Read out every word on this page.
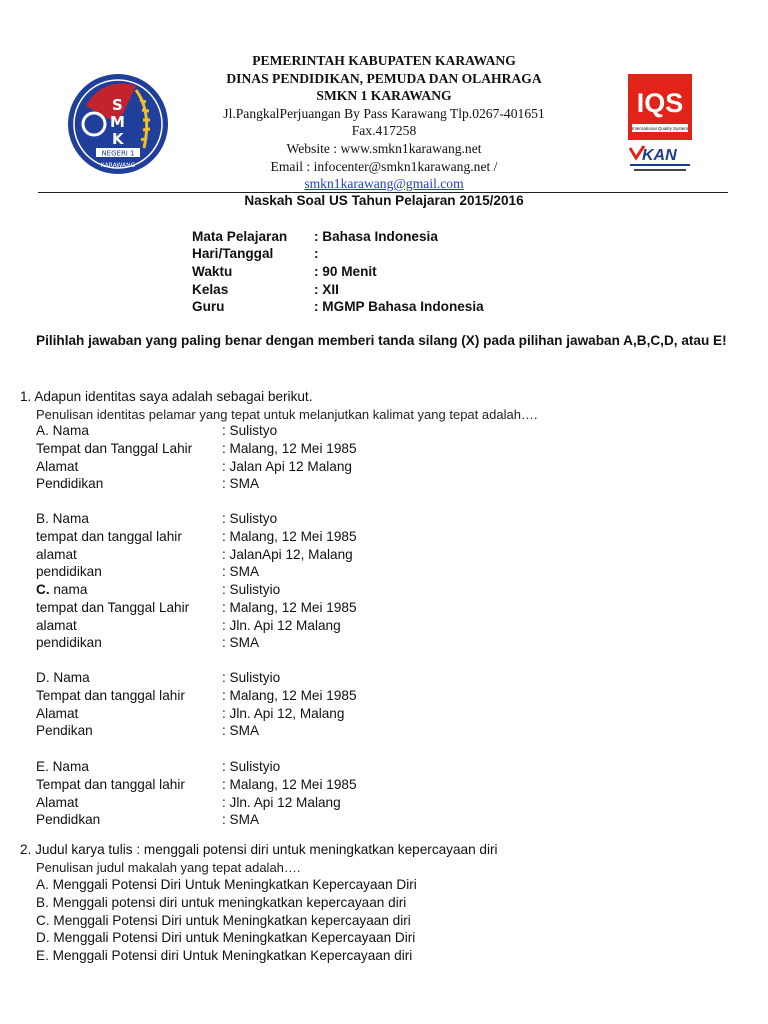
S
M
K
NEGERI 1
KARAWANG
PEMERINTAH KABUPATEN KARAWANG
DINAS PENDIDIKAN, PEMUDA DAN OLAHRAGA
SMKN 1 KARAWANG
Jl.PangkalPerjuangan By Pass Karawang Tlp.0267-401651
Fax.417258
Website : www.smkn1karawang.net
Email : infocenter@smkn1karawang.net /
smkn1karawang@gmail.com
IQS
International Quality System
KAN
Naskah Soal US Tahun Pelajaran 2015/2016
Mata Pelajaran : Bahasa Indonesia
Hari/Tanggal	:
Waktu	: 90 Menit
Kelas	: XII
Guru	: MGMP Bahasa Indonesia
Pilihlah jawaban yang paling benar dengan memberi tanda silang (X) pada pilihan jawaban A,B,C,D, atau E!
1. Adapun identitas saya adalah sebagai berikut.
Penulisan identitas pelamar yang tepat untuk melanjutkan kalimat yang tepat adalah….
A. Nama	: Sulistyo
Tempat dan Tanggal Lahir : Malang, 12 Mei 1985
Alamat	: Jalan Api 12 Malang
Pendidikan	: SMA
B. Nama	: Sulistyo
tempat dan tanggal lahir	: Malang, 12 Mei 1985
alamat	: JalanApi 12, Malang
pendidikan	: SMA
C. nama	: Sulistyio
tempat dan Tanggal Lahir : Malang, 12 Mei 1985
alamat	: Jln. Api 12 Malang
pendidikan	: SMA
D. Nama	: Sulistyio
Tempat dan tanggal lahir	: Malang, 12 Mei 1985
Alamat	: Jln. Api 12, Malang
Pendikan	: SMA
E. Nama	: Sulistyio
Tempat dan tanggal lahir	: Malang, 12 Mei 1985
Alamat	: Jln. Api 12 Malang
Pendidkan	: SMA
2. Judul karya tulis : menggali potensi diri untuk meningkatkan kepercayaan diri
Penulisan judul makalah yang tepat adalah….
A. Menggali Potensi Diri Untuk Meningkatkan Kepercayaan Diri
B. Menggali potensi diri untuk meningkatkan kepercayaan diri
C. Menggali Potensi Diri untuk Meningkatkan kepercayaan diri
D. Menggali Potensi Diri untuk Meningkatkan Kepercayaan Diri
E. Menggali Potensi diri Untuk Meningkatkan Kepercayaan diri
